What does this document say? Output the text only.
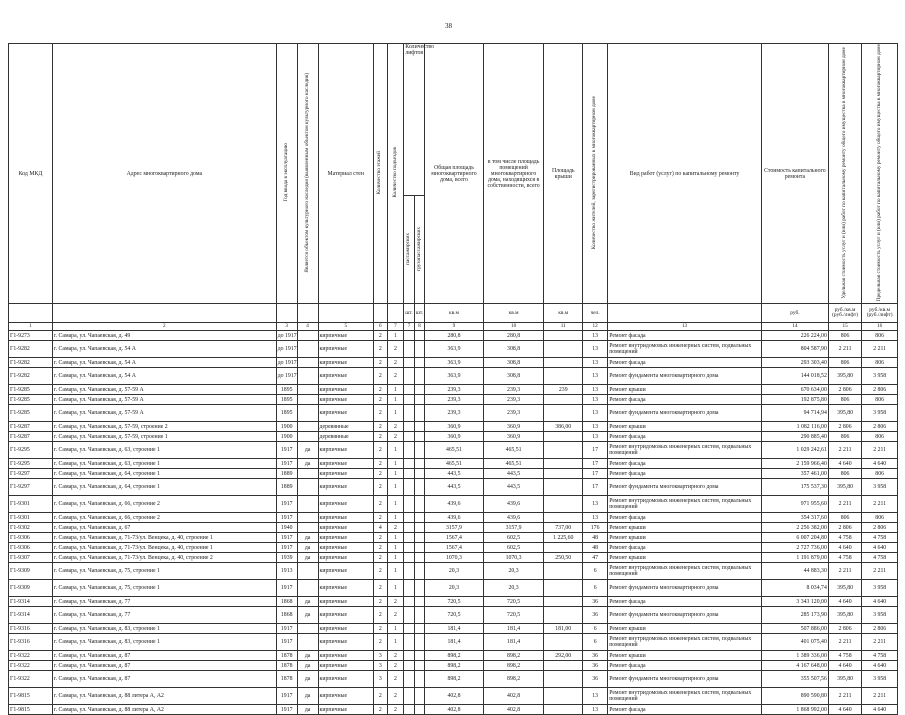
38
Код МКД	Адрес многоквартирного дома	Год ввода в эксплуатацию	Является объектом культурного наследия (выявленным объектом культурного наследия)	Материал стен	Количество этажей	Количество подъездов	Количество лифтов		Общая площадь многоквартирного дома, всего	в том числе площадь помещений многоквартирного дома, находящихся в собственности, всего	Площадь крыши	Количество жителей, зарегистрированных в многоквартирном доме	Вид работ (услуг) по капитальному ремонту	Стоимость капитального ремонта	Удельная стоимость услуг и (или) работ по капитальному ремонту общего имущества в многоквартирном доме	Предельная стоимость услуг и (или) работ по капитальному ремонту общего имущества в многоквартирном доме
							пассажирских	грузопассажирских								
							шт.	шт.	кв.м	кв.м	кв.м	чел.		руб.	руб./кв.м (руб./лифт)	руб./кв.м (руб./лифт)
1	2	3	4	5	6	7	7	8	9	10	11	12	13	14	15	16
Г1-9273	г. Самара, ул. Чапаевская, д. 49	до 1917		кирпичные	2	1			280,8	280,8		13	Ремонт фасада	226 224,00	806	806
Г1-9282	г. Самара, ул. Чапаевская, д. 54 А	до 1917		кирпичные	2	2			363,9	308,8		13	Ремонт внутридомовых инженерных систем, подвальных помещений	804 587,90	2 211	2 211
Г1-9282	г. Самара, ул. Чапаевская, д. 54 А	до 1917		кирпичные	2	2			363,9	308,8		13	Ремонт фасада	293 303,40	806	806
Г1-9282	г. Самара, ул. Чапаевская, д. 54 А	до 1917		кирпичные	2	2			363,9	308,8		13	Ремонт фундамента многоквартирного дома	144 018,52	395,80	3 958
Г1-9285	г. Самара, ул. Чапаевская, д. 57-59 А	1895		кирпичные	2	1			239,3	239,3	239	13	Ремонт крыши	670 634,00	2 806	2 806
Г1-9285	г. Самара, ул. Чапаевская, д. 57-59 А	1895		кирпичные	2	1			239,3	239,3		13	Ремонт фасада	192 875,80	806	806
Г1-9285	г. Самара, ул. Чапаевская, д. 57-59 А	1895		кирпичные	2	1			239,3	239,3		13	Ремонт фундамента многоквартирного дома	94 714,94	395,80	3 958
Г1-9287	г. Самара, ул. Чапаевская, д. 57-59, строение 2	1900		деревянные	2	2			360,9	360,9	386,00	13	Ремонт крыши	1 082 116,00	2 806	2 806
Г1-9287	г. Самара, ул. Чапаевская, д. 57-59, строение 1	1900		деревянные	2	2			360,9	360,9		13	Ремонт фасада	290 885,40	806	806
Г1-9295	г. Самара, ул. Чапаевская, д. 63, строение 1	1917	да	кирпичные	2	1			465,51	465,51		17	Ремонт внутридомовых инженерных систем, подвальных помещений	1 029 242,61	2 211	2 211
Г1-9295	г. Самара, ул. Чапаевская, д. 63, строение 1	1917	да	кирпичные	2	1			465,51	465,51		17	Ремонт фасада	2 159 966,40	4 640	4 640
Г1-9297	г. Самара, ул. Чапаевская, д. 64, строение 1	1889		кирпичные	2	1			443,5	443,5		17	Ремонт фасада	357 461,00	806	806
Г1-9297	г. Самара, ул. Чапаевская, д. 64, строение 1	1889		кирпичные	2	1			443,5	443,5		17	Ремонт фундамента многоквартирного дома	175 537,30	395,80	3 958
Г1-9301	г. Самара, ул. Чапаевская, д. 66, строение 2	1917		кирпичные	2	1			439,6	439,6		13	Ремонт внутридомовых инженерных систем, подвальных помещений	971 955,60	2 211	2 211
Г1-9301	г. Самара, ул. Чапаевская, д. 66, строение 2	1917		кирпичные	2	1			439,6	439,6		13	Ремонт фасада	354 317,60	806	806
Г1-9302	г. Самара, ул. Чапаевская, д. 67	1940		кирпичные	4	2			3157,9	3157,9	737,00	176	Ремонт крыши	2 256 382,00	2 806	2 806
Г1-9306	г. Самара, ул. Чапаевская, д. 71-73/ул. Венцека, д. 40, строение 1	1917	да	кирпичные	2	1			1567,4	602,5	1 225,60	48	Ремонт крыши	6 007 204,80	4 758	4 758
Г1-9306	г. Самара, ул. Чапаевская, д. 71-73/ул. Венцека, д. 40, строение 1	1917	да	кирпичные	2	1			1567,4	602,5		48	Ремонт фасада	2 727 736,00	4 640	4 640
Г1-9307	г. Самара, ул. Чапаевская, д. 71-73/ул. Венцека, д. 40, строение 2	1939	да	кирпичные	2	1			1070,3	1070,3	250,50	47	Ремонт крыши	1 191 879,00	4 758	4 758
Г1-9309	г. Самара, ул. Чапаевская, д. 75, строение 1	1913		кирпичные	2	1			20,3	20,3		6	Ремонт внутридомовых инженерных систем, подвальных помещений	44 883,30	2 211	2 211
Г1-9309	г. Самара, ул. Чапаевская, д. 75, строение 1	1917		кирпичные	2	1			20,3	20,3		6	Ремонт фундамента многоквартирного дома	8 034,74	395,80	3 958
Г1-9314	г. Самара, ул. Чапаевская, д. 77	1868	да	кирпичные	2	2			720,5	720,5		36	Ремонт фасада	3 343 120,00	4 640	4 640
Г1-9314	г. Самара, ул. Чапаевская, д. 77	1868	да	кирпичные	2	2			720,5	720,5		36	Ремонт фундамента многоквартирного дома	285 173,90	395,80	3 958
Г1-9316	г. Самара, ул. Чапаевская, д. 83, строение 1	1917		кирпичные	2	1			181,4	181,4	181,00	6	Ремонт крыши	507 886,00	2 806	2 806
Г1-9316	г. Самара, ул. Чапаевская, д. 83, строение 1	1917		кирпичные	2	1			181,4	181,4		6	Ремонт внутридомовых инженерных систем, подвальных помещений	401 075,40	2 211	2 211
Г1-9322	г. Самара, ул. Чапаевская, д. 87	1878	да	кирпичные	3	2			898,2	898,2	292,00	36	Ремонт крыши	1 389 336,00	4 758	4 758
Г1-9322	г. Самара, ул. Чапаевская, д. 87	1878	да	кирпичные	3	2			898,2	898,2		36	Ремонт фасада	4 167 648,00	4 640	4 640
Г1-9322	г. Самара, ул. Чапаевская, д. 87	1878	да	кирпичные	3	2			898,2	898,2		36	Ремонт фундамента многоквартирного дома	355 507,56	395,80	3 958
Г1-9815	г. Самара, ул. Чапаевская, д. 88 литера А, А2	1917	да	кирпичные	2	2			402,8	402,8		13	Ремонт внутридомовых инженерных систем, подвальных помещений	890 590,80	2 211	2 211
Г1-9815	г. Самара, ул. Чапаевская, д. 88 литера А, А2	1917	да	кирпичные	2	2			402,8	402,8		13	Ремонт фасада	1 868 992,00	4 640	4 640
